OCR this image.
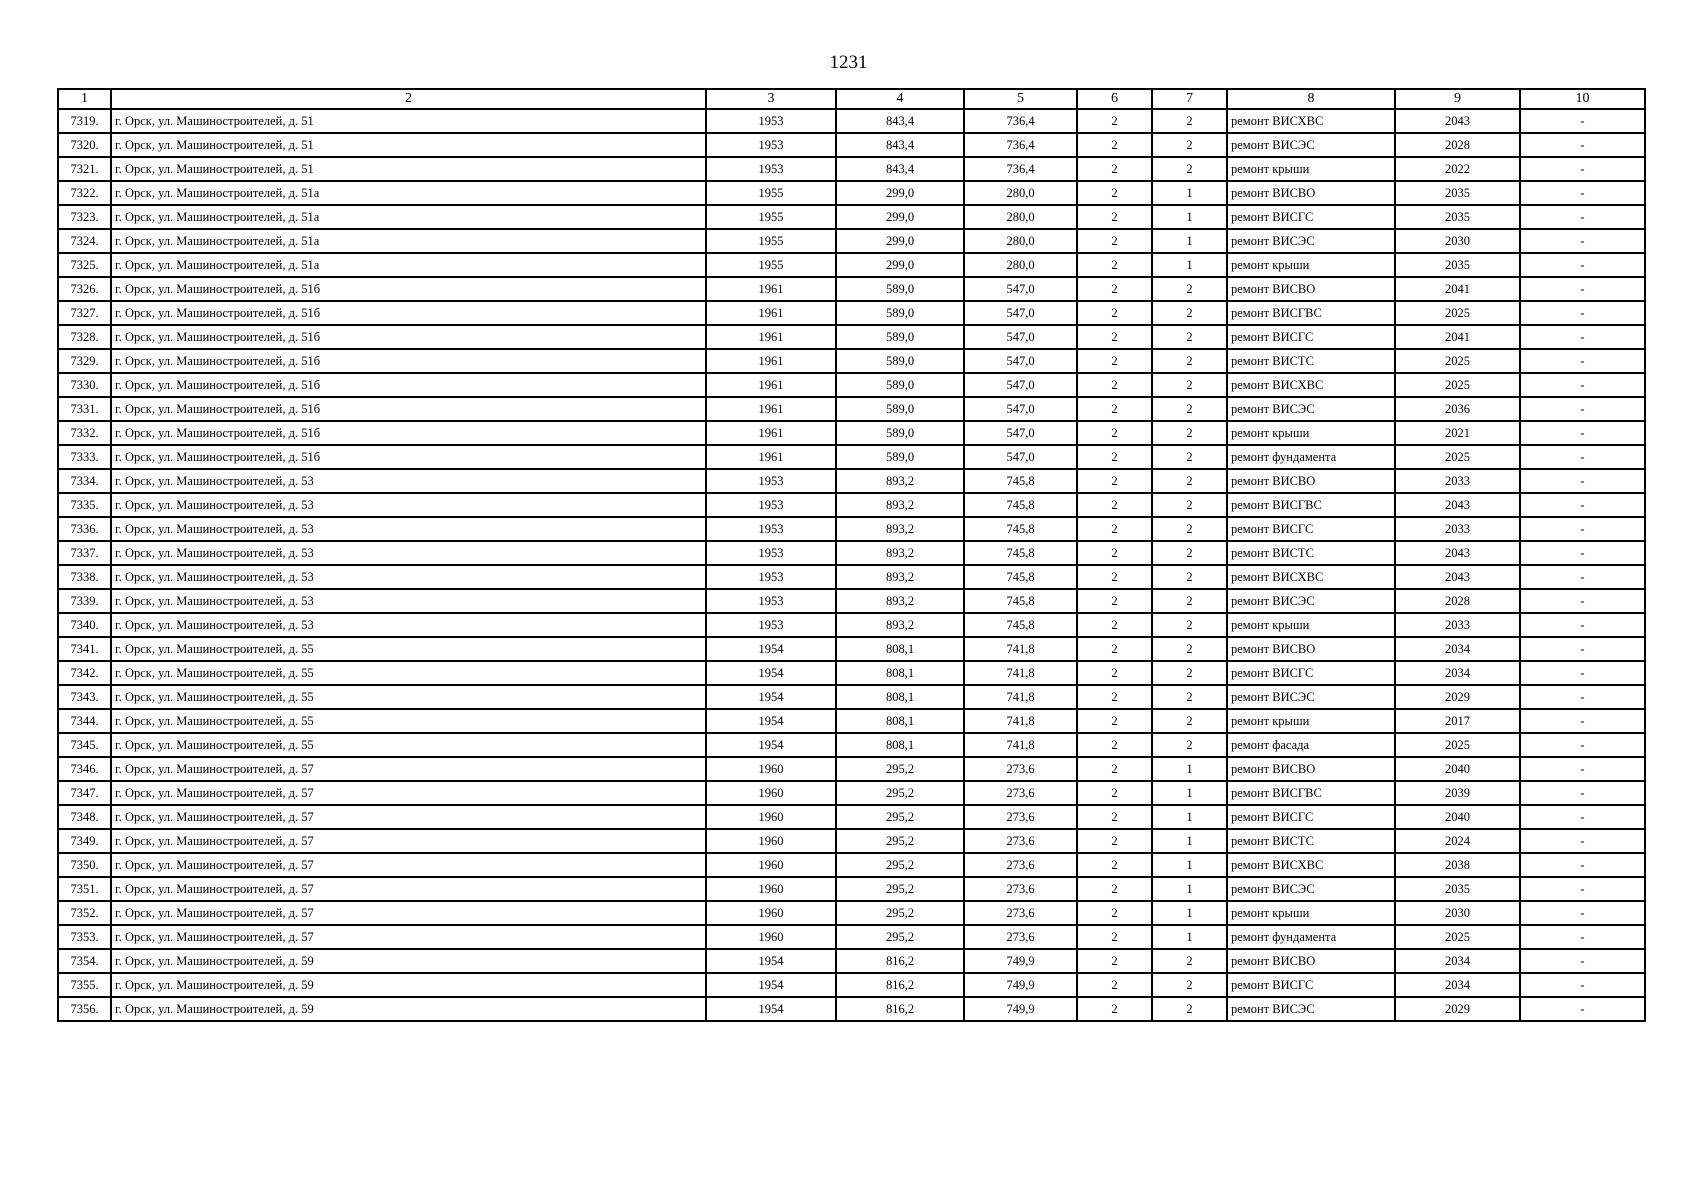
1231
1	2	3	4	5	6	7	8	9	10
7319.	г. Орск, ул. Машиностроителей, д. 51	1953	843,4	736,4	2	2	ремонт ВИСХВС	2043	-
7320.	г. Орск, ул. Машиностроителей, д. 51	1953	843,4	736,4	2	2	ремонт ВИСЭС	2028	-
7321.	г. Орск, ул. Машиностроителей, д. 51	1953	843,4	736,4	2	2	ремонт крыши	2022	-
7322.	г. Орск, ул. Машиностроителей, д. 51а	1955	299,0	280,0	2	1	ремонт ВИСВО	2035	-
7323.	г. Орск, ул. Машиностроителей, д. 51а	1955	299,0	280,0	2	1	ремонт ВИСГС	2035	-
7324.	г. Орск, ул. Машиностроителей, д. 51а	1955	299,0	280,0	2	1	ремонт ВИСЭС	2030	-
7325.	г. Орск, ул. Машиностроителей, д. 51а	1955	299,0	280,0	2	1	ремонт крыши	2035	-
7326.	г. Орск, ул. Машиностроителей, д. 51б	1961	589,0	547,0	2	2	ремонт ВИСВО	2041	-
7327.	г. Орск, ул. Машиностроителей, д. 51б	1961	589,0	547,0	2	2	ремонт ВИСГВС	2025	-
7328.	г. Орск, ул. Машиностроителей, д. 51б	1961	589,0	547,0	2	2	ремонт ВИСГС	2041	-
7329.	г. Орск, ул. Машиностроителей, д. 51б	1961	589,0	547,0	2	2	ремонт ВИСТС	2025	-
7330.	г. Орск, ул. Машиностроителей, д. 51б	1961	589,0	547,0	2	2	ремонт ВИСХВС	2025	-
7331.	г. Орск, ул. Машиностроителей, д. 51б	1961	589,0	547,0	2	2	ремонт ВИСЭС	2036	-
7332.	г. Орск, ул. Машиностроителей, д. 51б	1961	589,0	547,0	2	2	ремонт крыши	2021	-
7333.	г. Орск, ул. Машиностроителей, д. 51б	1961	589,0	547,0	2	2	ремонт фундамента	2025	-
7334.	г. Орск, ул. Машиностроителей, д. 53	1953	893,2	745,8	2	2	ремонт ВИСВО	2033	-
7335.	г. Орск, ул. Машиностроителей, д. 53	1953	893,2	745,8	2	2	ремонт ВИСГВС	2043	-
7336.	г. Орск, ул. Машиностроителей, д. 53	1953	893,2	745,8	2	2	ремонт ВИСГС	2033	-
7337.	г. Орск, ул. Машиностроителей, д. 53	1953	893,2	745,8	2	2	ремонт ВИСТС	2043	-
7338.	г. Орск, ул. Машиностроителей, д. 53	1953	893,2	745,8	2	2	ремонт ВИСХВС	2043	-
7339.	г. Орск, ул. Машиностроителей, д. 53	1953	893,2	745,8	2	2	ремонт ВИСЭС	2028	-
7340.	г. Орск, ул. Машиностроителей, д. 53	1953	893,2	745,8	2	2	ремонт крыши	2033	-
7341.	г. Орск, ул. Машиностроителей, д. 55	1954	808,1	741,8	2	2	ремонт ВИСВО	2034	-
7342.	г. Орск, ул. Машиностроителей, д. 55	1954	808,1	741,8	2	2	ремонт ВИСГС	2034	-
7343.	г. Орск, ул. Машиностроителей, д. 55	1954	808,1	741,8	2	2	ремонт ВИСЭС	2029	-
7344.	г. Орск, ул. Машиностроителей, д. 55	1954	808,1	741,8	2	2	ремонт крыши	2017	-
7345.	г. Орск, ул. Машиностроителей, д. 55	1954	808,1	741,8	2	2	ремонт фасада	2025	-
7346.	г. Орск, ул. Машиностроителей, д. 57	1960	295,2	273,6	2	1	ремонт ВИСВО	2040	-
7347.	г. Орск, ул. Машиностроителей, д. 57	1960	295,2	273,6	2	1	ремонт ВИСГВС	2039	-
7348.	г. Орск, ул. Машиностроителей, д. 57	1960	295,2	273,6	2	1	ремонт ВИСГС	2040	-
7349.	г. Орск, ул. Машиностроителей, д. 57	1960	295,2	273,6	2	1	ремонт ВИСТС	2024	-
7350.	г. Орск, ул. Машиностроителей, д. 57	1960	295,2	273,6	2	1	ремонт ВИСХВС	2038	-
7351.	г. Орск, ул. Машиностроителей, д. 57	1960	295,2	273,6	2	1	ремонт ВИСЭС	2035	-
7352.	г. Орск, ул. Машиностроителей, д. 57	1960	295,2	273,6	2	1	ремонт крыши	2030	-
7353.	г. Орск, ул. Машиностроителей, д. 57	1960	295,2	273,6	2	1	ремонт фундамента	2025	-
7354.	г. Орск, ул. Машиностроителей, д. 59	1954	816,2	749,9	2	2	ремонт ВИСВО	2034	-
7355.	г. Орск, ул. Машиностроителей, д. 59	1954	816,2	749,9	2	2	ремонт ВИСГС	2034	-
7356.	г. Орск, ул. Машиностроителей, д. 59	1954	816,2	749,9	2	2	ремонт ВИСЭС	2029	-
